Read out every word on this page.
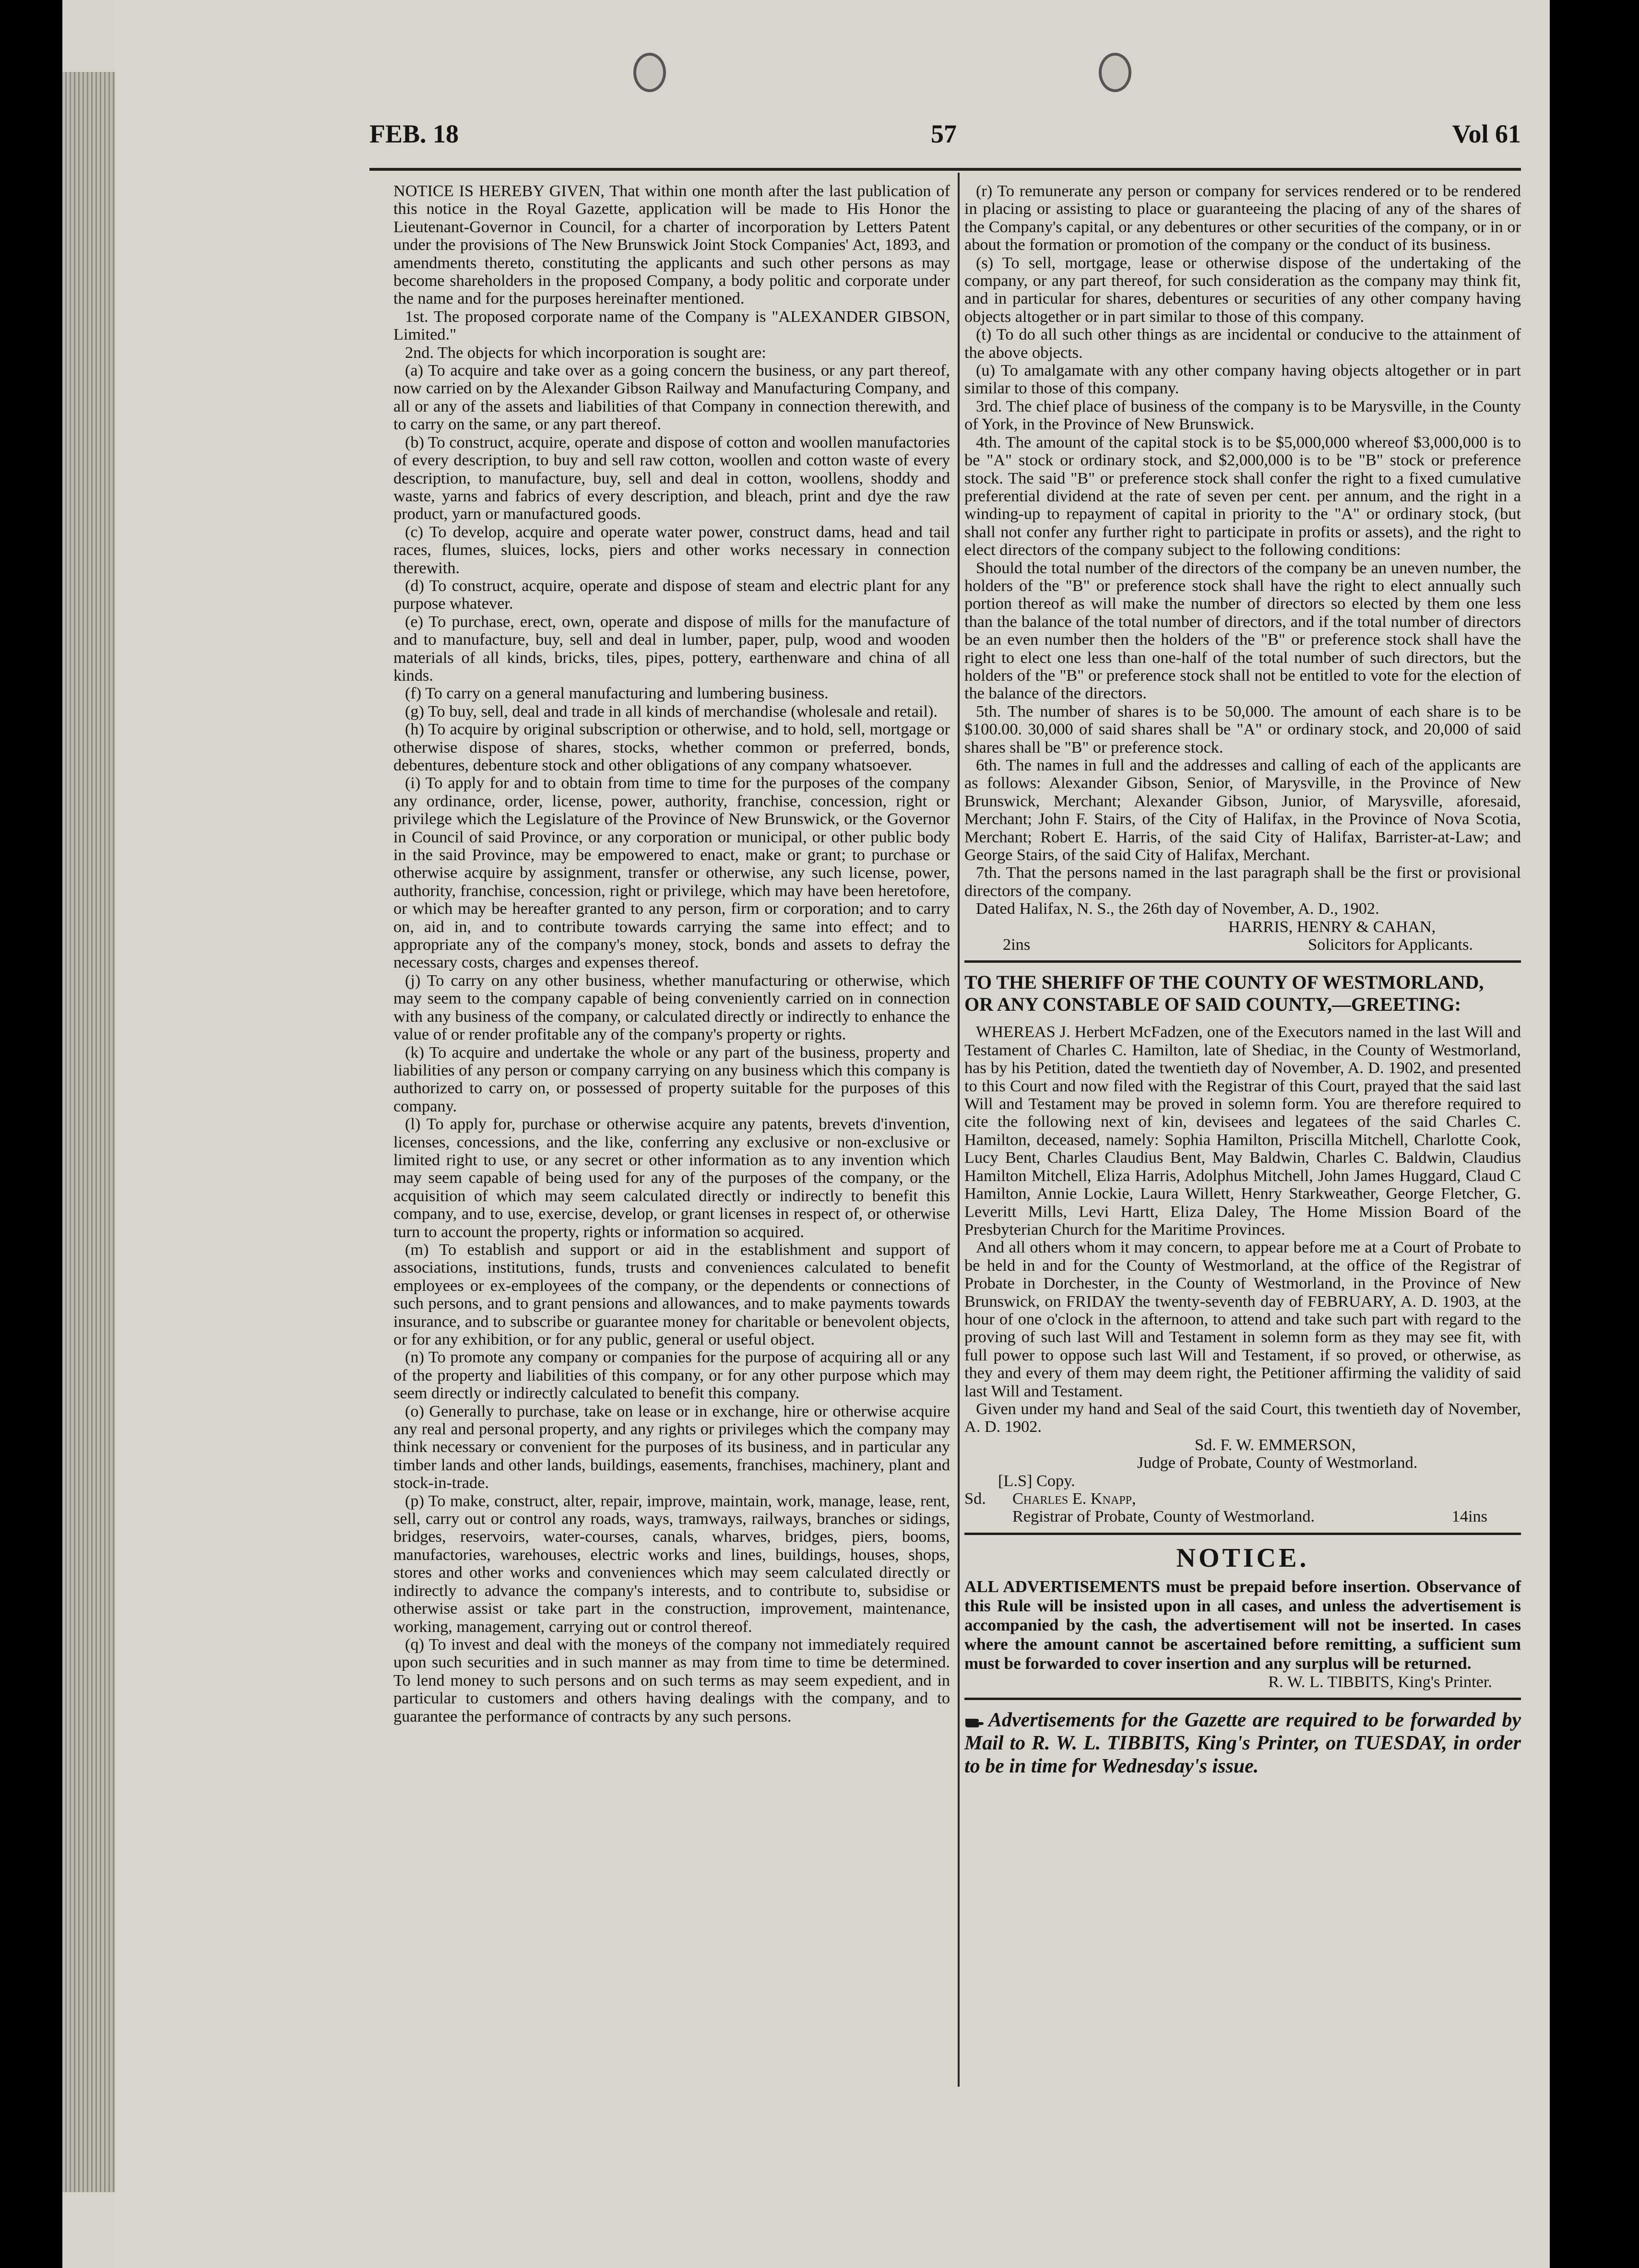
FEB. 18	57	Vol 61

NOTICE IS HEREBY GIVEN, That within one month after the last publication of this notice in the Royal Gazette, application will be made to His Honor the Lieutenant-Governor in Council, for a charter of incorporation by Letters Patent under the provisions of The New Brunswick Joint Stock Companies' Act, 1893, and amendments thereto, constituting the applicants and such other persons as may become shareholders in the proposed Company, a body politic and corporate under the name and for the purposes hereinafter mentioned.

1st. The proposed corporate name of the Company is "ALEXANDER GIBSON, Limited."

2nd. The objects for which incorporation is sought are:

(a) To acquire and take over as a going concern the business, or any part thereof, now carried on by the Alexander Gibson Railway and Manufacturing Company, and all or any of the assets and liabilities of that Company in connection therewith, and to carry on the same, or any part thereof.

(b) To construct, acquire, operate and dispose of cotton and woollen manufactories of every description, to buy and sell raw cotton, woollen and cotton waste of every description, to manufacture, buy, sell and deal in cotton, woollens, shoddy and waste, yarns and fabrics of every description, and bleach, print and dye the raw product, yarn or manufactured goods.

(c) To develop, acquire and operate water power, construct dams, head and tail races, flumes, sluices, locks, piers and other works necessary in connection therewith.

(d) To construct, acquire, operate and dispose of steam and electric plant for any purpose whatever.

(e) To purchase, erect, own, operate and dispose of mills for the manufacture of and to manufacture, buy, sell and deal in lumber, paper, pulp, wood and wooden materials of all kinds, bricks, tiles, pipes, pottery, earthenware and china of all kinds.

(f) To carry on a general manufacturing and lumbering business.

(g) To buy, sell, deal and trade in all kinds of merchandise (wholesale and retail).

(h) To acquire by original subscription or otherwise, and to hold, sell, mortgage or otherwise dispose of shares, stocks, whether common or preferred, bonds, debentures, debenture stock and other obligations of any company whatsoever.

(i) To apply for and to obtain from time to time for the purposes of the company any ordinance, order, license, power, authority, franchise, concession, right or privilege which the Legislature of the Province of New Brunswick, or the Governor in Council of said Province, or any corporation or municipal, or other public body in the said Province, may be empowered to enact, make or grant; to purchase or otherwise acquire by assignment, transfer or otherwise, any such license, power, authority, franchise, concession, right or privilege, which may have been heretofore, or which may be hereafter granted to any person, firm or corporation; and to carry on, aid in, and to contribute towards carrying the same into effect; and to appropriate any of the company's money, stock, bonds and assets to defray the necessary costs, charges and expenses thereof.

(j) To carry on any other business, whether manufacturing or otherwise, which may seem to the company capable of being conveniently carried on in connection with any business of the company, or calculated directly or indirectly to enhance the value of or render profitable any of the company's property or rights.

(k) To acquire and undertake the whole or any part of the business, property and liabilities of any person or company carrying on any business which this company is authorized to carry on, or possessed of property suitable for the purposes of this company.

(l) To apply for, purchase or otherwise acquire any patents, brevets d'invention, licenses, concessions, and the like, conferring any exclusive or non-exclusive or limited right to use, or any secret or other information as to any invention which may seem capable of being used for any of the purposes of the company, or the acquisition of which may seem calculated directly or indirectly to benefit this company, and to use, exercise, develop, or grant licenses in respect of, or otherwise turn to account the property, rights or information so acquired.

(m) To establish and support or aid in the establishment and support of associations, institutions, funds, trusts and conveniences calculated to benefit employees or ex-employees of the company, or the dependents or connections of such persons, and to grant pensions and allowances, and to make payments towards insurance, and to subscribe or guarantee money for charitable or benevolent objects, or for any exhibition, or for any public, general or useful object.

(n) To promote any company or companies for the purpose of acquiring all or any of the property and liabilities of this company, or for any other purpose which may seem directly or indirectly calculated to benefit this company.

(o) Generally to purchase, take on lease or in exchange, hire or otherwise acquire any real and personal property, and any rights or privileges which the company may think necessary or convenient for the purposes of its business, and in particular any timber lands and other lands, buildings, easements, franchises, machinery, plant and stock-in-trade.

(p) To make, construct, alter, repair, improve, maintain, work, manage, lease, rent, sell, carry out or control any roads, ways, tramways, railways, branches or sidings, bridges, reservoirs, water-courses, canals, wharves, bridges, piers, booms, manufactories, warehouses, electric works and lines, buildings, houses, shops, stores and other works and conveniences which may seem calculated directly or indirectly to advance the company's interests, and to contribute to, subsidise or otherwise assist or take part in the construction, improvement, maintenance, working, management, carrying out or control thereof.

(q) To invest and deal with the moneys of the company not immediately required upon such securities and in such manner as may from time to time be determined. To lend money to such persons and on such terms as may seem expedient, and in particular to customers and others having dealings with the company, and to guarantee the performance of contracts by any such persons.

(r) To remunerate any person or company for services rendered or to be rendered in placing or assisting to place or guaranteeing the placing of any of the shares of the Company's capital, or any debentures or other securities of the company, or in or about the formation or promotion of the company or the conduct of its business.

(s) To sell, mortgage, lease or otherwise dispose of the undertaking of the company, or any part thereof, for such consideration as the company may think fit, and in particular for shares, debentures or securities of any other company having objects altogether or in part similar to those of this company.

(t) To do all such other things as are incidental or conducive to the attainment of the above objects.

(u) To amalgamate with any other company having objects altogether or in part similar to those of this company.

3rd. The chief place of business of the company is to be Marysville, in the County of York, in the Province of New Brunswick.

4th. The amount of the capital stock is to be $5,000,000 whereof $3,000,000 is to be "A" stock or ordinary stock, and $2,000,000 is to be "B" stock or preference stock. The said "B" or preference stock shall confer the right to a fixed cumulative preferential dividend at the rate of seven per cent. per annum, and the right in a winding-up to repayment of capital in priority to the "A" or ordinary stock, (but shall not confer any further right to participate in profits or assets), and the right to elect directors of the company subject to the following conditions:

Should the total number of the directors of the company be an uneven number, the holders of the "B" or preference stock shall have the right to elect annually such portion thereof as will make the number of directors so elected by them one less than the balance of the total number of directors, and if the total number of directors be an even number then the holders of the "B" or preference stock shall have the right to elect one less than one-half of the total number of such directors, but the holders of the "B" or preference stock shall not be entitled to vote for the election of the balance of the directors.

5th. The number of shares is to be 50,000. The amount of each share is to be $100.00. 30,000 of said shares shall be "A" or ordinary stock, and 20,000 of said shares shall be "B" or preference stock.

6th. The names in full and the addresses and calling of each of the applicants are as follows: Alexander Gibson, Senior, of Marysville, in the Province of New Brunswick, Merchant; Alexander Gibson, Junior, of Marysville, aforesaid, Merchant; John F. Stairs, of the City of Halifax, in the Province of Nova Scotia, Merchant; Robert E. Harris, of the said City of Halifax, Barrister-at-Law; and George Stairs, of the said City of Halifax, Merchant.

7th. That the persons named in the last paragraph shall be the first or provisional directors of the company.

Dated Halifax, N. S., the 26th day of November, A. D., 1902.

HARRIS, HENRY & CAHAN,

2ins	Solicitors for Applicants.

TO THE SHERIFF OF THE COUNTY OF WESTMORLAND,

OR ANY CONSTABLE OF SAID COUNTY,—GREETING:

WHEREAS J. Herbert McFadzen, one of the Executors named in the last Will and Testament of Charles C. Hamilton, late of Shediac, in the County of Westmorland, has by his Petition, dated the twentieth day of November, A. D. 1902, and presented to this Court and now filed with the Registrar of this Court, prayed that the said last Will and Testament may be proved in solemn form. You are therefore required to cite the following next of kin, devisees and legatees of the said Charles C. Hamilton, deceased, namely: Sophia Hamilton, Priscilla Mitchell, Charlotte Cook, Lucy Bent, Charles Claudius Bent, May Baldwin, Charles C. Baldwin, Claudius Hamilton Mitchell, Eliza Harris, Adolphus Mitchell, John James Huggard, Claud C Hamilton, Annie Lockie, Laura Willett, Henry Starkweather, George Fletcher, G. Leveritt Mills, Levi Hartt, Eliza Daley, The Home Mission Board of the Presbyterian Church for the Maritime Provinces.

And all others whom it may concern, to appear before me at a Court of Probate to be held in and for the County of Westmorland, at the office of the Registrar of Probate in Dorchester, in the County of Westmorland, in the Province of New Brunswick, on FRIDAY the twenty-seventh day of FEBRUARY, A. D. 1903, at the hour of one o'clock in the afternoon, to attend and take such part with regard to the proving of such last Will and Testament in solemn form as they may see fit, with full power to oppose such last Will and Testament, if so proved, or otherwise, as they and every of them may deem right, the Petitioner affirming the validity of said last Will and Testament.

Given under my hand and Seal of the said Court, this twentieth day of November, A. D. 1902.

Sd. F. W. EMMERSON,

Judge of Probate, County of Westmorland.

[L.S] Copy.
Sd. Charles E. Knapp,
Registrar of Probate, County of Westmorland.	14ins

NOTICE.

ALL ADVERTISEMENTS must be prepaid before insertion. Observance of this Rule will be insisted upon in all cases, and unless the advertisement is accompanied by the cash, the advertisement will not be inserted. In cases where the amount cannot be ascertained before remitting, a sufficient sum must be forwarded to cover insertion and any surplus will be returned.

R. W. L. TIBBITS, King's Printer.

Advertisements for the Gazette are required to be forwarded by Mail to R. W. L. TIBBITS, King's Printer, on TUESDAY, in order to be in time for Wednesday's issue.
